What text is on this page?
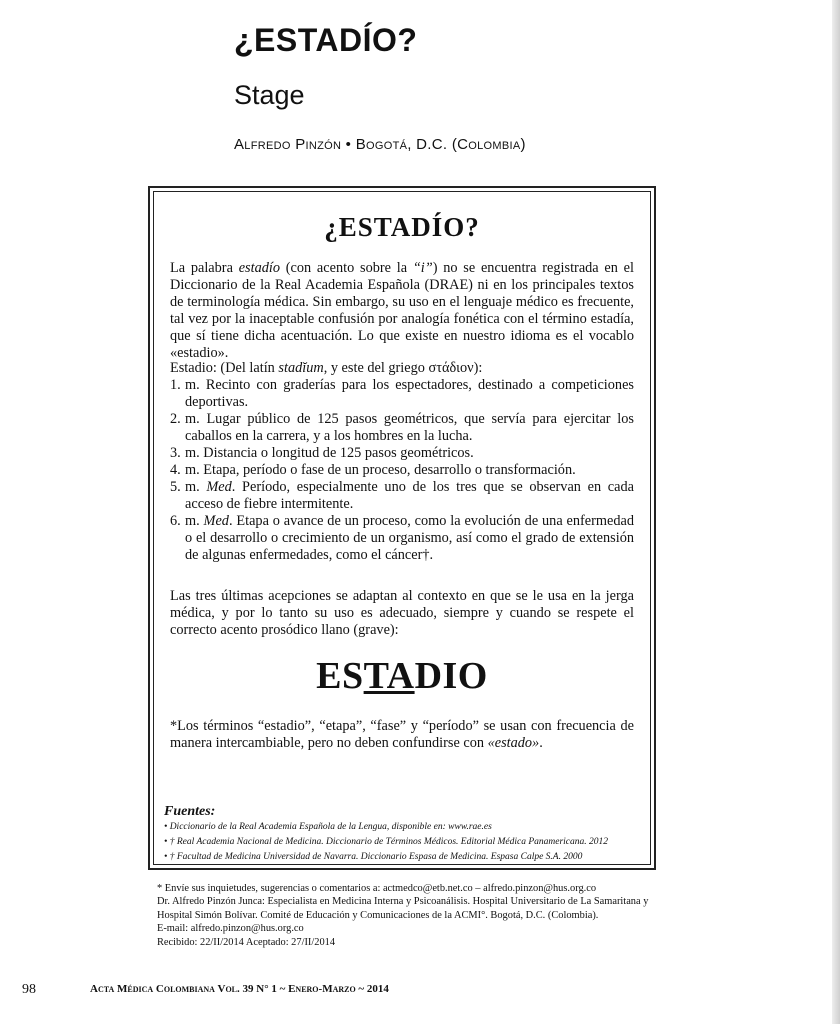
¿ESTADÍO?
Stage
Alfredo Pinzón • Bogotá, D.C. (Colombia)
¿ESTADÍO?
La palabra estadío (con acento sobre la “i”) no se encuentra registrada en el Diccionario de la Real Academia Española (DRAE) ni en los principales textos de terminología médica. Sin embargo, su uso en el lenguaje médico es frecuente, tal vez por la inaceptable confusión por analogía fonética con el término estadía, que sí tiene dicha acentuación. Lo que existe en nuestro idioma es el vocablo «estadio».
Estadio: (Del latín stadĭum, y este del griego στάδιον):
1. m. Recinto con graderías para los espectadores, destinado a competiciones deportivas.
2. m. Lugar público de 125 pasos geométricos, que servía para ejercitar los caballos en la carrera, y a los hombres en la lucha.
3. m. Distancia o longitud de 125 pasos geométricos.
4. m. Etapa, período o fase de un proceso, desarrollo o transformación.
5. m. Med. Período, especialmente uno de los tres que se observan en cada acceso de fiebre intermitente.
6. m. Med. Etapa o avance de un proceso, como la evolución de una enfermedad o el desarrollo o crecimiento de un organismo, así como el grado de extensión de algunas enfermedades, como el cáncer†.
Las tres últimas acepciones se adaptan al contexto en que se le usa en la jerga médica, y por lo tanto su uso es adecuado, siempre y cuando se respete el correcto acento prosódico llano (grave):
ESTADIO
*Los términos “estadio”, “etapa”, “fase” y “período” se usan con frecuencia de manera intercambiable, pero no deben confundirse con «estado».
Fuentes:
• Diccionario de la Real Academia Española de la Lengua, disponible en: www.rae.es
• † Real Academia Nacional de Medicina. Diccionario de Términos Médicos. Editorial Médica Panamericana. 2012
• † Facultad de Medicina Universidad de Navarra. Diccionario Espasa de Medicina. Espasa Calpe S.A. 2000
* Envíe sus inquietudes, sugerencias o comentarios a: actmedco@etb.net.co – alfredo.pinzon@hus.org.co
Dr. Alfredo Pinzón Junca: Especialista en Medicina Interna y Psicoanálisis. Hospital Universitario de La Samaritana y Hospital Simón Bolívar. Comité de Educación y Comunicaciones de la ACMI°. Bogotá, D.C. (Colombia).
E-mail: alfredo.pinzon@hus.org.co
Recibido: 22/II/2014 Aceptado: 27/II/2014
98	Acta Médica Colombiana Vol. 39 N° 1 ~ Enero-Marzo ~ 2014
